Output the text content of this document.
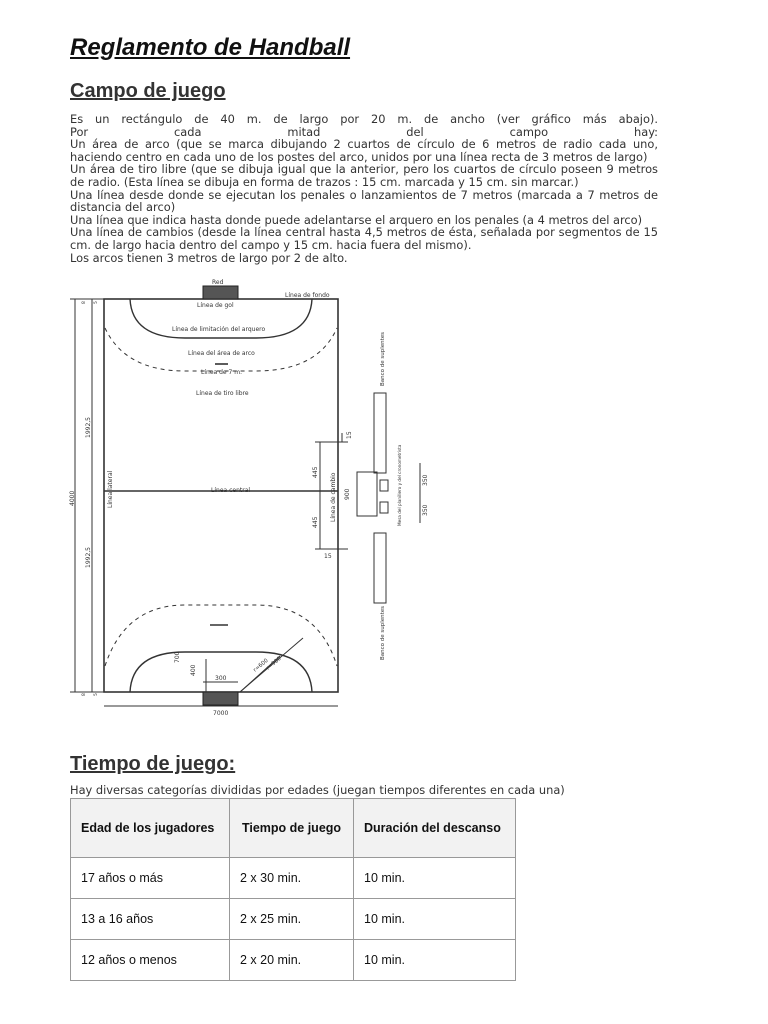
Reglamento de Handball
Campo de juego

Es un rectángulo de 40 m. de largo por 20 m. de ancho (ver gráfico más abajo).

Por cada mitad del campo hay:

Un área de arco (que se marca dibujando 2 cuartos de círculo de 6 metros de radio cada uno, haciendo centro en cada uno de los postes del arco, unidos por una línea recta de 3 metros de largo)

Un área de tiro libre (que se dibuja igual que la anterior, pero los cuartos de círculo poseen 9 metros de radio. (Esta línea se dibuja en forma de trazos : 15 cm. marcada y 15 cm. sin marcar.)

Una línea desde donde se ejecutan los penales o lanzamientos de 7 metros (marcada a 7 metros de distancia del arco)

Una línea que indica hasta donde puede adelantarse el arquero en los penales (a 4 metros del arco)

Una línea de cambios (desde la línea central hasta 4,5 metros de ésta, señalada por segmentos de 15 cm. de largo hacia dentro del campo y 15 cm. hacia fuera del mismo).

Los arcos tienen 3 metros de largo por 2 de alto.

Red
Línea de fondo
Línea de gol
Línea de limitación del arquero
Línea del área de arco
Línea de 7 m.
Línea de tiro libre
Línea central
Línea lateral	Línea de cambio
Banco de suplentes
Banco de suplentes
Mesa del planillero y del cronometrista
4000
1992,5
1992,5
7000
300
400
700
r=600
r=900
445
445
900
15
15
350
350
8
8
5
5
Tiempo de juego:
Hay diversas categorías divididas por edades (juegan tiempos diferentes en cada una)
Edad de los jugadores	Tiempo de juego	Duración del descanso
17 años o más	2 x 30 min.	10 min.
13 a 16 años	2 x 25 min.	10 min.
12 años o menos	2 x 20 min.	10 min.
